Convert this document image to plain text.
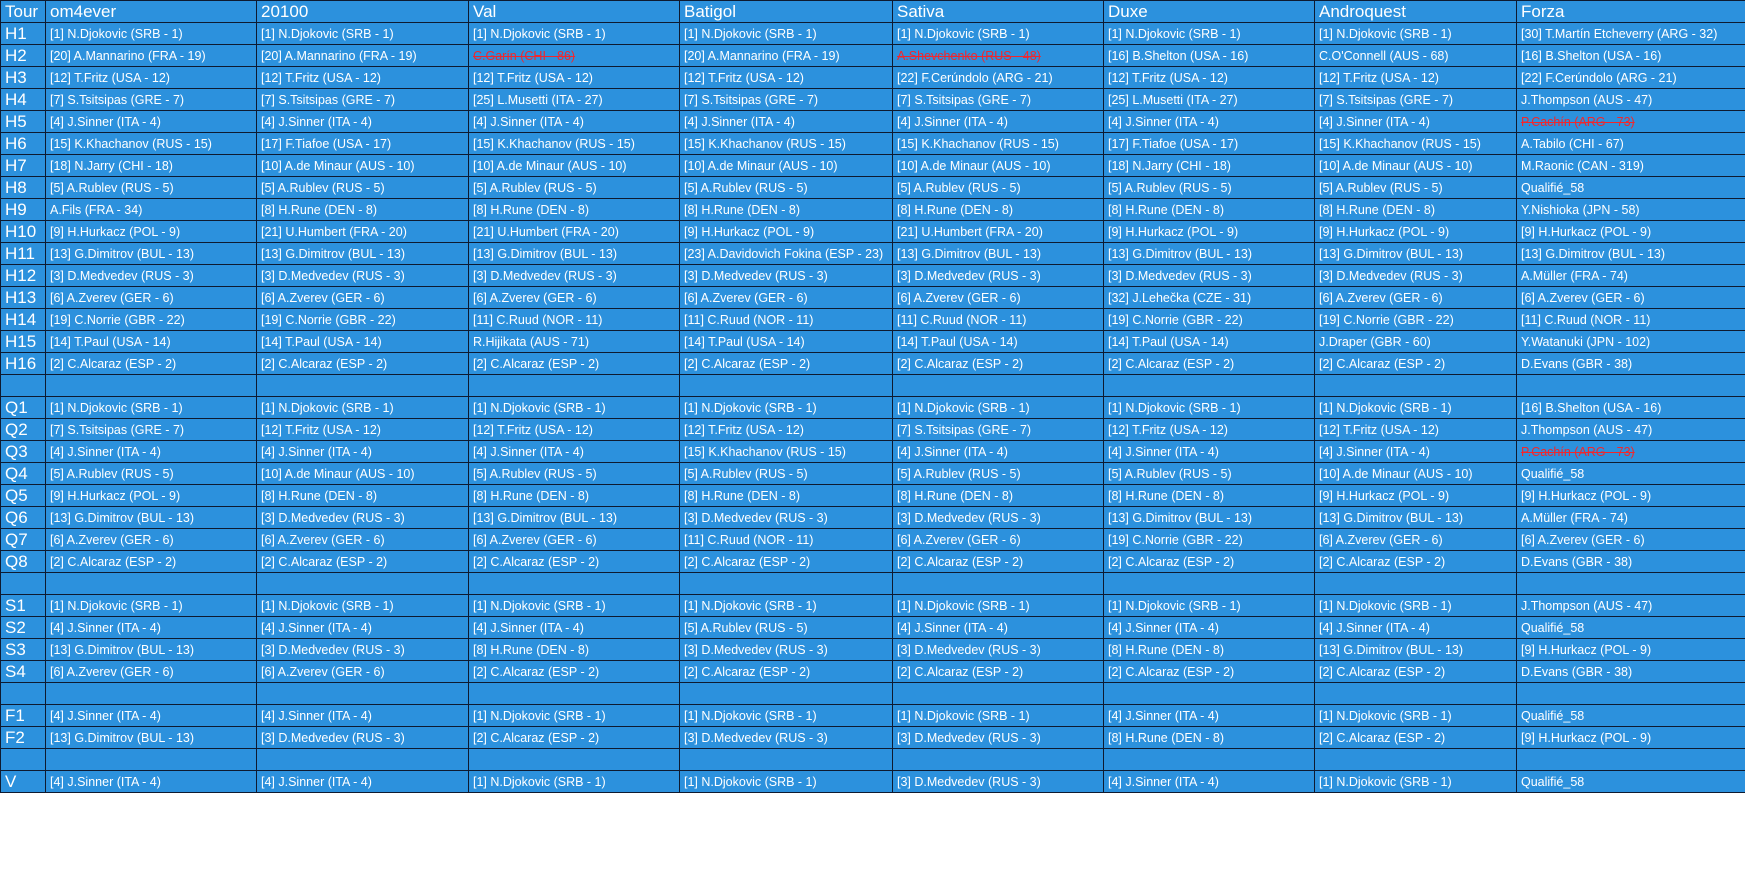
Tour	om4ever	20100	Val	Batigol	Sativa	Duxe	Androquest	Forza
H1	[1] N.Djokovic (SRB - 1)	[1] N.Djokovic (SRB - 1)	[1] N.Djokovic (SRB - 1)	[1] N.Djokovic (SRB - 1)	[1] N.Djokovic (SRB - 1)	[1] N.Djokovic (SRB - 1)	[1] N.Djokovic (SRB - 1)	[30] T.Martín Etcheverry (ARG - 32)
H2	[20] A.Mannarino (FRA - 19)	[20] A.Mannarino (FRA - 19)	C.Garín (CHI - 86)	[20] A.Mannarino (FRA - 19)	A.Shevchenko (RUS - 48)	[16] B.Shelton (USA - 16)	C.O'Connell (AUS - 68)	[16] B.Shelton (USA - 16)
H3	[12] T.Fritz (USA - 12)	[12] T.Fritz (USA - 12)	[12] T.Fritz (USA - 12)	[12] T.Fritz (USA - 12)	[22] F.Cerúndolo (ARG - 21)	[12] T.Fritz (USA - 12)	[12] T.Fritz (USA - 12)	[22] F.Cerúndolo (ARG - 21)
H4	[7] S.Tsitsipas (GRE - 7)	[7] S.Tsitsipas (GRE - 7)	[25] L.Musetti (ITA - 27)	[7] S.Tsitsipas (GRE - 7)	[7] S.Tsitsipas (GRE - 7)	[25] L.Musetti (ITA - 27)	[7] S.Tsitsipas (GRE - 7)	J.Thompson (AUS - 47)
H5	[4] J.Sinner (ITA - 4)	[4] J.Sinner (ITA - 4)	[4] J.Sinner (ITA - 4)	[4] J.Sinner (ITA - 4)	[4] J.Sinner (ITA - 4)	[4] J.Sinner (ITA - 4)	[4] J.Sinner (ITA - 4)	P.Cachín (ARG - 73)
H6	[15] K.Khachanov (RUS - 15)	[17] F.Tiafoe (USA - 17)	[15] K.Khachanov (RUS - 15)	[15] K.Khachanov (RUS - 15)	[15] K.Khachanov (RUS - 15)	[17] F.Tiafoe (USA - 17)	[15] K.Khachanov (RUS - 15)	A.Tabilo (CHI - 67)
H7	[18] N.Jarry (CHI - 18)	[10] A.de Minaur (AUS - 10)	[10] A.de Minaur (AUS - 10)	[10] A.de Minaur (AUS - 10)	[10] A.de Minaur (AUS - 10)	[18] N.Jarry (CHI - 18)	[10] A.de Minaur (AUS - 10)	M.Raonic (CAN - 319)
H8	[5] A.Rublev (RUS - 5)	[5] A.Rublev (RUS - 5)	[5] A.Rublev (RUS - 5)	[5] A.Rublev (RUS - 5)	[5] A.Rublev (RUS - 5)	[5] A.Rublev (RUS - 5)	[5] A.Rublev (RUS - 5)	Qualifié_58
H9	A.Fils (FRA - 34)	[8] H.Rune (DEN - 8)	[8] H.Rune (DEN - 8)	[8] H.Rune (DEN - 8)	[8] H.Rune (DEN - 8)	[8] H.Rune (DEN - 8)	[8] H.Rune (DEN - 8)	Y.Nishioka (JPN - 58)
H10	[9] H.Hurkacz (POL - 9)	[21] U.Humbert (FRA - 20)	[21] U.Humbert (FRA - 20)	[9] H.Hurkacz (POL - 9)	[21] U.Humbert (FRA - 20)	[9] H.Hurkacz (POL - 9)	[9] H.Hurkacz (POL - 9)	[9] H.Hurkacz (POL - 9)
H11	[13] G.Dimitrov (BUL - 13)	[13] G.Dimitrov (BUL - 13)	[13] G.Dimitrov (BUL - 13)	[23] A.Davidovich Fokina (ESP - 23)	[13] G.Dimitrov (BUL - 13)	[13] G.Dimitrov (BUL - 13)	[13] G.Dimitrov (BUL - 13)	[13] G.Dimitrov (BUL - 13)
H12	[3] D.Medvedev (RUS - 3)	[3] D.Medvedev (RUS - 3)	[3] D.Medvedev (RUS - 3)	[3] D.Medvedev (RUS - 3)	[3] D.Medvedev (RUS - 3)	[3] D.Medvedev (RUS - 3)	[3] D.Medvedev (RUS - 3)	A.Müller (FRA - 74)
H13	[6] A.Zverev (GER - 6)	[6] A.Zverev (GER - 6)	[6] A.Zverev (GER - 6)	[6] A.Zverev (GER - 6)	[6] A.Zverev (GER - 6)	[32] J.Lehečka (CZE - 31)	[6] A.Zverev (GER - 6)	[6] A.Zverev (GER - 6)
H14	[19] C.Norrie (GBR - 22)	[19] C.Norrie (GBR - 22)	[11] C.Ruud (NOR - 11)	[11] C.Ruud (NOR - 11)	[11] C.Ruud (NOR - 11)	[19] C.Norrie (GBR - 22)	[19] C.Norrie (GBR - 22)	[11] C.Ruud (NOR - 11)
H15	[14] T.Paul (USA - 14)	[14] T.Paul (USA - 14)	R.Hijikata (AUS - 71)	[14] T.Paul (USA - 14)	[14] T.Paul (USA - 14)	[14] T.Paul (USA - 14)	J.Draper (GBR - 60)	Y.Watanuki (JPN - 102)
H16	[2] C.Alcaraz (ESP - 2)	[2] C.Alcaraz (ESP - 2)	[2] C.Alcaraz (ESP - 2)	[2] C.Alcaraz (ESP - 2)	[2] C.Alcaraz (ESP - 2)	[2] C.Alcaraz (ESP - 2)	[2] C.Alcaraz (ESP - 2)	D.Evans (GBR - 38)

Q1	[1] N.Djokovic (SRB - 1)	[1] N.Djokovic (SRB - 1)	[1] N.Djokovic (SRB - 1)	[1] N.Djokovic (SRB - 1)	[1] N.Djokovic (SRB - 1)	[1] N.Djokovic (SRB - 1)	[1] N.Djokovic (SRB - 1)	[16] B.Shelton (USA - 16)
Q2	[7] S.Tsitsipas (GRE - 7)	[12] T.Fritz (USA - 12)	[12] T.Fritz (USA - 12)	[12] T.Fritz (USA - 12)	[7] S.Tsitsipas (GRE - 7)	[12] T.Fritz (USA - 12)	[12] T.Fritz (USA - 12)	J.Thompson (AUS - 47)
Q3	[4] J.Sinner (ITA - 4)	[4] J.Sinner (ITA - 4)	[4] J.Sinner (ITA - 4)	[15] K.Khachanov (RUS - 15)	[4] J.Sinner (ITA - 4)	[4] J.Sinner (ITA - 4)	[4] J.Sinner (ITA - 4)	P.Cachín (ARG - 73)
Q4	[5] A.Rublev (RUS - 5)	[10] A.de Minaur (AUS - 10)	[5] A.Rublev (RUS - 5)	[5] A.Rublev (RUS - 5)	[5] A.Rublev (RUS - 5)	[5] A.Rublev (RUS - 5)	[10] A.de Minaur (AUS - 10)	Qualifié_58
Q5	[9] H.Hurkacz (POL - 9)	[8] H.Rune (DEN - 8)	[8] H.Rune (DEN - 8)	[8] H.Rune (DEN - 8)	[8] H.Rune (DEN - 8)	[8] H.Rune (DEN - 8)	[9] H.Hurkacz (POL - 9)	[9] H.Hurkacz (POL - 9)
Q6	[13] G.Dimitrov (BUL - 13)	[3] D.Medvedev (RUS - 3)	[13] G.Dimitrov (BUL - 13)	[3] D.Medvedev (RUS - 3)	[3] D.Medvedev (RUS - 3)	[13] G.Dimitrov (BUL - 13)	[13] G.Dimitrov (BUL - 13)	A.Müller (FRA - 74)
Q7	[6] A.Zverev (GER - 6)	[6] A.Zverev (GER - 6)	[6] A.Zverev (GER - 6)	[11] C.Ruud (NOR - 11)	[6] A.Zverev (GER - 6)	[19] C.Norrie (GBR - 22)	[6] A.Zverev (GER - 6)	[6] A.Zverev (GER - 6)
Q8	[2] C.Alcaraz (ESP - 2)	[2] C.Alcaraz (ESP - 2)	[2] C.Alcaraz (ESP - 2)	[2] C.Alcaraz (ESP - 2)	[2] C.Alcaraz (ESP - 2)	[2] C.Alcaraz (ESP - 2)	[2] C.Alcaraz (ESP - 2)	D.Evans (GBR - 38)

S1	[1] N.Djokovic (SRB - 1)	[1] N.Djokovic (SRB - 1)	[1] N.Djokovic (SRB - 1)	[1] N.Djokovic (SRB - 1)	[1] N.Djokovic (SRB - 1)	[1] N.Djokovic (SRB - 1)	[1] N.Djokovic (SRB - 1)	J.Thompson (AUS - 47)
S2	[4] J.Sinner (ITA - 4)	[4] J.Sinner (ITA - 4)	[4] J.Sinner (ITA - 4)	[5] A.Rublev (RUS - 5)	[4] J.Sinner (ITA - 4)	[4] J.Sinner (ITA - 4)	[4] J.Sinner (ITA - 4)	Qualifié_58
S3	[13] G.Dimitrov (BUL - 13)	[3] D.Medvedev (RUS - 3)	[8] H.Rune (DEN - 8)	[3] D.Medvedev (RUS - 3)	[3] D.Medvedev (RUS - 3)	[8] H.Rune (DEN - 8)	[13] G.Dimitrov (BUL - 13)	[9] H.Hurkacz (POL - 9)
S4	[6] A.Zverev (GER - 6)	[6] A.Zverev (GER - 6)	[2] C.Alcaraz (ESP - 2)	[2] C.Alcaraz (ESP - 2)	[2] C.Alcaraz (ESP - 2)	[2] C.Alcaraz (ESP - 2)	[2] C.Alcaraz (ESP - 2)	D.Evans (GBR - 38)

F1	[4] J.Sinner (ITA - 4)	[4] J.Sinner (ITA - 4)	[1] N.Djokovic (SRB - 1)	[1] N.Djokovic (SRB - 1)	[1] N.Djokovic (SRB - 1)	[4] J.Sinner (ITA - 4)	[1] N.Djokovic (SRB - 1)	Qualifié_58
F2	[13] G.Dimitrov (BUL - 13)	[3] D.Medvedev (RUS - 3)	[2] C.Alcaraz (ESP - 2)	[3] D.Medvedev (RUS - 3)	[3] D.Medvedev (RUS - 3)	[8] H.Rune (DEN - 8)	[2] C.Alcaraz (ESP - 2)	[9] H.Hurkacz (POL - 9)

V	[4] J.Sinner (ITA - 4)	[4] J.Sinner (ITA - 4)	[1] N.Djokovic (SRB - 1)	[1] N.Djokovic (SRB - 1)	[3] D.Medvedev (RUS - 3)	[4] J.Sinner (ITA - 4)	[1] N.Djokovic (SRB - 1)	Qualifié_58
